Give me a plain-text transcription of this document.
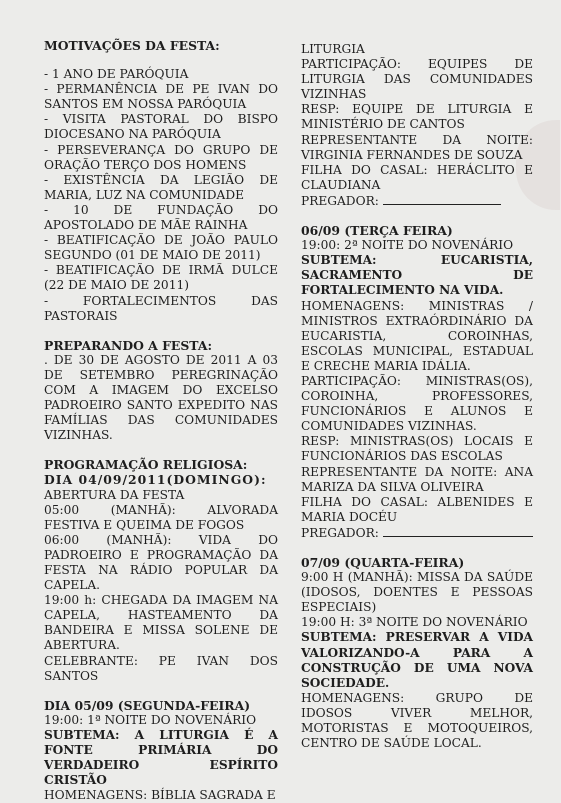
MOTIVAÇÕES DA FESTA:

- 1 ANO DE PARÓQUIA

- PERMANÊNCIA DE PE IVAN DO SANTOS EM NOSSA PARÓQUIA

- VISITA PASTORAL DO BISPO DIOCESANO NA PARÓQUIA

- PERSEVERANÇA DO GRUPO DE ORAÇÃO TERÇO DOS HOMENS

- EXISTÊNCIA DA LEGIÃO DE MARIA, LUZ NA COMUNIDADE

- 10 DE FUNDAÇÃO DO APOSTOLADO DE MÃE RAINHA

- BEATIFICAÇÃO DE JOÃO PAULO SEGUNDO (01 DE MAIO DE 2011)

- BEATIFICAÇÃO DE IRMÃ DULCE (22 DE MAIO DE 2011)

- FORTALECIMENTOS DAS PASTORAIS

PREPARANDO A FESTA:

. DE 30 DE AGOSTO DE 2011 A 03 DE SETEMBRO PEREGRINAÇÃO COM A IMAGEM DO EXCELSO PADROEIRO SANTO EXPEDITO NAS FAMÍLIAS DAS COMUNIDADES VIZINHAS.

PROGRAMAÇÃO RELIGIOSA:

DIA 04/09/2011(DOMINGO):

ABERTURA DA FESTA

05:00 (MANHÃ): ALVORADA FESTIVA E QUEIMA DE FOGOS

06:00 (MANHÃ): VIDA DO PADROEIRO E PROGRAMAÇÃO DA FESTA NA RÁDIO POPULAR DA CAPELA.

19:00 h: CHEGADA DA IMAGEM NA CAPELA, HASTEAMENTO DA BANDEIRA E MISSA SOLENE DE ABERTURA.

CELEBRANTE: PE IVAN DOS SANTOS

DIA 05/09 (SEGUNDA-FEIRA)

19:00: 1ª NOITE DO NOVENÁRIO

SUBTEMA: A LITURGIA É A FONTE PRIMÁRIA DO VERDADEIRO ESPÍRITO CRISTÃO

HOMENAGENS: BÍBLIA SAGRADA E

LITURGIA

PARTICIPAÇÃO: EQUIPES DE LITURGIA DAS COMUNIDADES VIZINHAS

RESP: EQUIPE DE LITURGIA E MINISTÉRIO DE CANTOS

REPRESENTANTE DA NOITE: VIRGINIA FERNANDES DE SOUZA

FILHA DO CASAL: HERÁCLITO E CLAUDIANA

PREGADOR:

06/09 (TERÇA FEIRA)

19:00: 2ª NOITE DO NOVENÁRIO

SUBTEMA: EUCARISTIA, SACRAMENTO DE FORTALECIMENTO NA VIDA.

HOMENAGENS: MINISTRAS / MINISTROS EXTRAÓRDINÁRIO DA EUCARISTIA, COROINHAS, ESCOLAS MUNICIPAL, ESTADUAL E CRECHE MARIA IDÁLIA.

PARTICIPAÇÃO: MINISTRAS(OS), COROINHA, PROFESSORES, FUNCIONÁRIOS E ALUNOS E COMUNIDADES VIZINHAS.

RESP: MINISTRAS(OS) LOCAIS E FUNCIONÁRIOS DAS ESCOLAS

REPRESENTANTE DA NOITE: ANA MARIZA DA SILVA OLIVEIRA

FILHA DO CASAL: ALBENIDES E MARIA DOCÉU

PREGADOR:

07/09 (QUARTA-FEIRA)

9:00 H (MANHÃ): MISSA DA SAÚDE (IDOSOS, DOENTES E PESSOAS ESPECIAIS)

19:00 H: 3ª NOITE DO NOVENÁRIO

SUBTEMA: PRESERVAR A VIDA VALORIZANDO-A PARA A CONSTRUÇÃO DE UMA NOVA SOCIEDADE.

HOMENAGENS: GRUPO DE IDOSOS VIVER MELHOR, MOTORISTAS E MOTOQUEIROS, CENTRO DE SAÚDE LOCAL.
